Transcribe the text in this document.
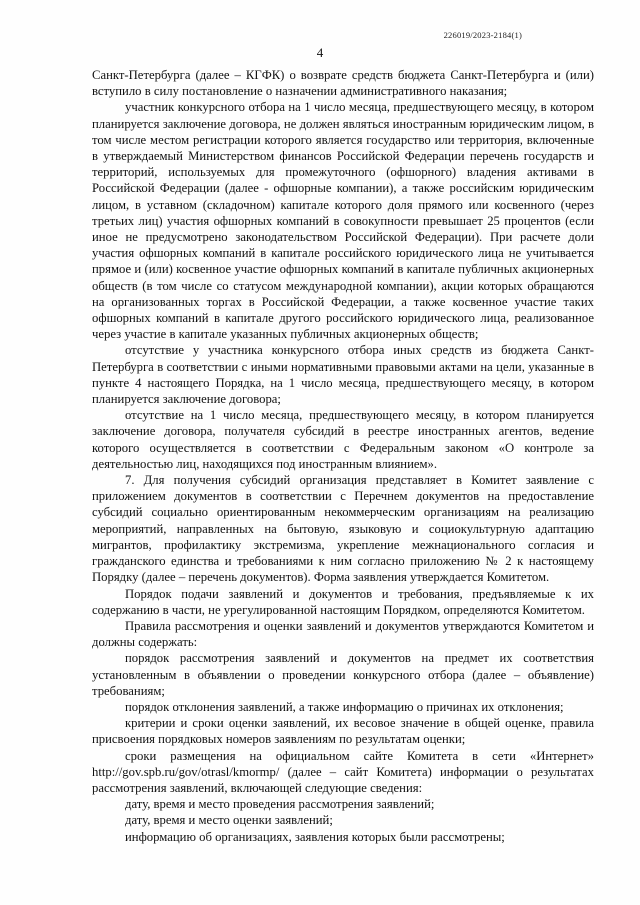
226019/2023-2184(1)
4

Санкт-Петербурга (далее – КГФК) о возврате средств бюджета Санкт-Петербурга и (или) вступило в силу постановление о назначении административного наказания;

участник конкурсного отбора на 1 число месяца, предшествующего месяцу, в котором планируется заключение договора, не должен являться иностранным юридическим лицом, в том числе местом регистрации которого является государство или территория, включенные в утверждаемый Министерством финансов Российской Федерации перечень государств и территорий, используемых для промежуточного (офшорного) владения активами в Российской Федерации (далее - офшорные компании), а также российским юридическим лицом, в уставном (складочном) капитале которого доля прямого или косвенного (через третьих лиц) участия офшорных компаний в совокупности превышает 25 процентов (если иное не предусмотрено законодательством Российской Федерации). При расчете доли участия офшорных компаний в капитале российского юридического лица не учитывается прямое и (или) косвенное участие офшорных компаний в капитале публичных акционерных обществ (в том числе со статусом международной компании), акции которых обращаются на организованных торгах в Российской Федерации, а также косвенное участие таких офшорных компаний в капитале другого российского юридического лица, реализованное через участие в капитале указанных публичных акционерных обществ;

отсутствие у участника конкурсного отбора иных средств из бюджета Санкт-Петербурга в соответствии с иными нормативными правовыми актами на цели, указанные в пункте 4 настоящего Порядка, на 1 число месяца, предшествующего месяцу, в котором планируется заключение договора;

отсутствие на 1 число месяца, предшествующего месяцу, в котором планируется заключение договора, получателя субсидий в реестре иностранных агентов, ведение которого осуществляется в соответствии с Федеральным законом «О контроле за деятельностью лиц, находящихся под иностранным влиянием».

7. Для получения субсидий организация представляет в Комитет заявление с приложением документов в соответствии с Перечнем документов на предоставление субсидий социально ориентированным некоммерческим организациям на реализацию мероприятий, направленных на бытовую, языковую и социокультурную адаптацию мигрантов, профилактику экстремизма, укрепление межнационального согласия и гражданского единства и требованиями к ним согласно приложению № 2 к настоящему Порядку (далее – перечень документов). Форма заявления утверждается Комитетом.

Порядок подачи заявлений и документов и требования, предъявляемые к их содержанию в части, не урегулированной настоящим Порядком, определяются Комитетом.

Правила рассмотрения и оценки заявлений и документов утверждаются Комитетом и должны содержать:

порядок рассмотрения заявлений и документов на предмет их соответствия установленным в объявлении о проведении конкурсного отбора (далее – объявление) требованиям;

порядок отклонения заявлений, а также информацию о причинах их отклонения;

критерии и сроки оценки заявлений, их весовое значение в общей оценке, правила присвоения порядковых номеров заявлениям по результатам оценки;

сроки размещения на официальном сайте Комитета в сети «Интернет» http://gov.spb.ru/gov/otrasl/kmormp/ (далее – сайт Комитета) информации о результатах рассмотрения заявлений, включающей следующие сведения:

дату, время и место проведения рассмотрения заявлений;

дату, время и место оценки заявлений;

информацию об организациях, заявления которых были рассмотрены;
